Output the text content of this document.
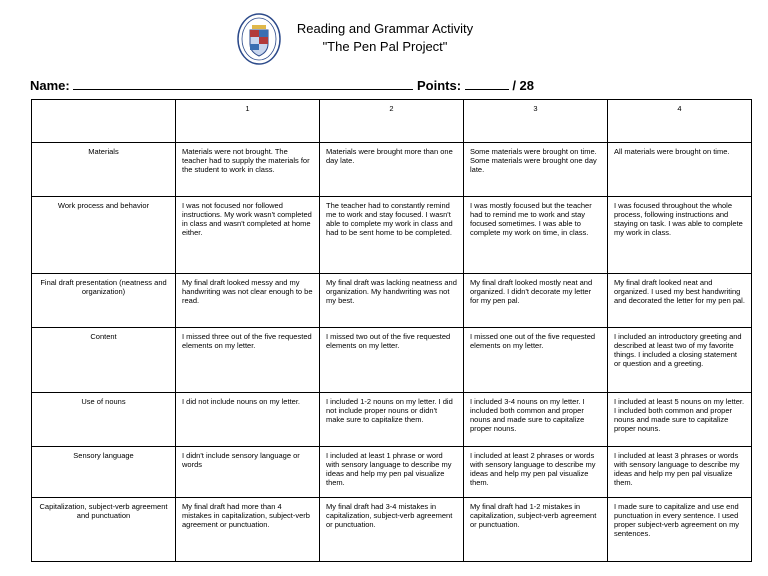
Reading and Grammar Activity
"The Pen Pal Project"
Name:	Points:	/ 28
	1	2	3	4
Materials	Materials were not brought. The teacher had to supply the materials for the student to work in class.	Materials were brought more than one day late.	Some materials were brought on time. Some materials were brought one day late.	All materials were brought on time.
Work process and behavior	I was not focused nor followed instructions. My work wasn't completed in class and wasn't completed at home either.	The teacher had to constantly remind me to work and stay focused. I wasn't able to complete my work in class and had to be sent home to be completed.	I was mostly focused but the teacher had to remind me to work and stay focused sometimes. I was able to complete my work on time, in class.	I was focused throughout the whole process, following instructions and staying on task. I was able to complete my work in class.
Final draft presentation (neatness and organization)	My final draft looked messy and my handwriting was not clear enough to be read.	My final draft was lacking neatness and organization. My handwriting was not my best.	My final draft looked mostly neat and organized. I didn't decorate my letter for my pen pal.	My final draft looked neat and organized. I used my best handwriting and decorated the letter for my pen pal.
Content	I missed three out of the five requested elements on my letter.	I missed two out of the five requested elements on my letter.	I missed one out of the five requested elements on my letter.	I included an introductory greeting and described at least two of my favorite things. I included a closing statement or question and a greeting.
Use of nouns	I did not include nouns on my letter.	I included 1-2 nouns on my letter. I did not include proper nouns or didn't make sure to capitalize them.	I included 3-4 nouns on my letter. I included both common and proper nouns and made sure to capitalize proper nouns.	I included at least 5 nouns on my letter. I included both common and proper nouns and made sure to capitalize proper nouns.
Sensory language	I didn't include sensory language or words	I included at least 1 phrase or word with sensory language to describe my ideas and help my pen pal visualize them.	I included at least 2 phrases or words with sensory language to describe my ideas and help my pen pal visualize them.	I included at least 3 phrases or words with sensory language to describe my ideas and help my pen pal visualize them.
Capitalization, subject-verb agreement and punctuation	My final draft had more than 4 mistakes in capitalization, subject-verb agreement or punctuation.	My final draft had 3-4 mistakes in capitalization, subject-verb agreement or punctuation.	My final draft had 1-2 mistakes in capitalization, subject-verb agreement or punctuation.	I made sure to capitalize and use end punctuation in every sentence. I used proper subject-verb agreement on my sentences.
